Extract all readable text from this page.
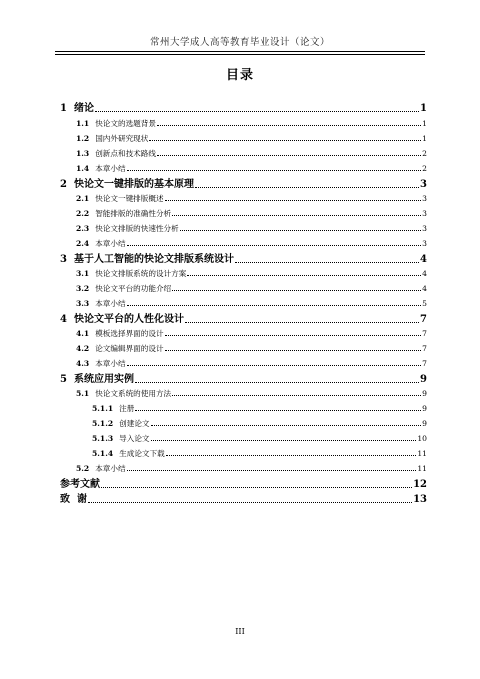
常州大学成人高等教育毕业设计（论文）
目录
1 绪论	1
1.1 快论文的选题背景	1
1.2 国内外研究现状	1
1.3 创新点和技术路线	2
1.4 本章小结	2
2 快论文一键排版的基本原理	3
2.1 快论文一键排版概述	3
2.2 智能排版的准确性分析	3
2.3 快论文排版的快速性分析	3
2.4 本章小结	3
3 基于人工智能的快论文排版系统设计	4
3.1 快论文排版系统的设计方案	4
3.2 快论文平台的功能介绍	4
3.3 本章小结	5
4 快论文平台的人性化设计	7
4.1 模板选择界面的设计	7
4.2 论文编辑界面的设计	7
4.3 本章小结	7
5 系统应用实例	9
5.1 快论文系统的使用方法	9
5.1.1 注册	9
5.1.2 创建论文	9
5.1.3 导入论文	10
5.1.4 生成论文下载	11
5.2 本章小结	11
参考文献	12
致  谢	13
III
